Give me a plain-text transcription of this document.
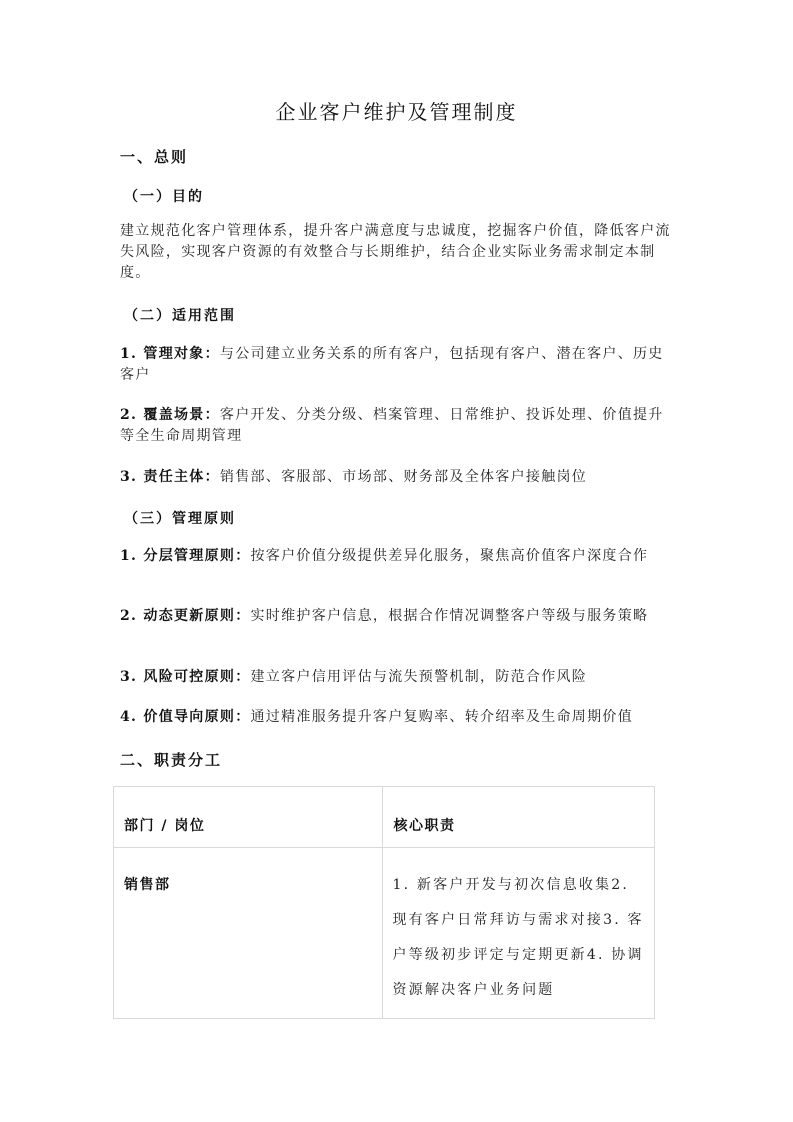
企业客户维护及管理制度
一、总则
（一）目的
建立规范化客户管理体系，提升客户满意度与忠诚度，挖掘客户价值，降低客户流失风险，实现客户资源的有效整合与长期维护，结合企业实际业务需求制定本制度。
（二）适用范围
1. 管理对象：与公司建立业务关系的所有客户，包括现有客户、潜在客户、历史客户
2. 覆盖场景：客户开发、分类分级、档案管理、日常维护、投诉处理、价值提升等全生命周期管理
3. 责任主体：销售部、客服部、市场部、财务部及全体客户接触岗位
（三）管理原则
1. 分层管理原则：按客户价值分级提供差异化服务，聚焦高价值客户深度合作
2. 动态更新原则：实时维护客户信息，根据合作情况调整客户等级与服务策略
3. 风险可控原则：建立客户信用评估与流失预警机制，防范合作风险
4. 价值导向原则：通过精准服务提升客户复购率、转介绍率及生命周期价值
二、职责分工
部门 / 岗位	核心职责

销售部	1. 新客户开发与初次信息收集2. 现有客户日常拜访与需求对接3. 客户等级初步评定与定期更新4. 协调资源解决客户业务问题
